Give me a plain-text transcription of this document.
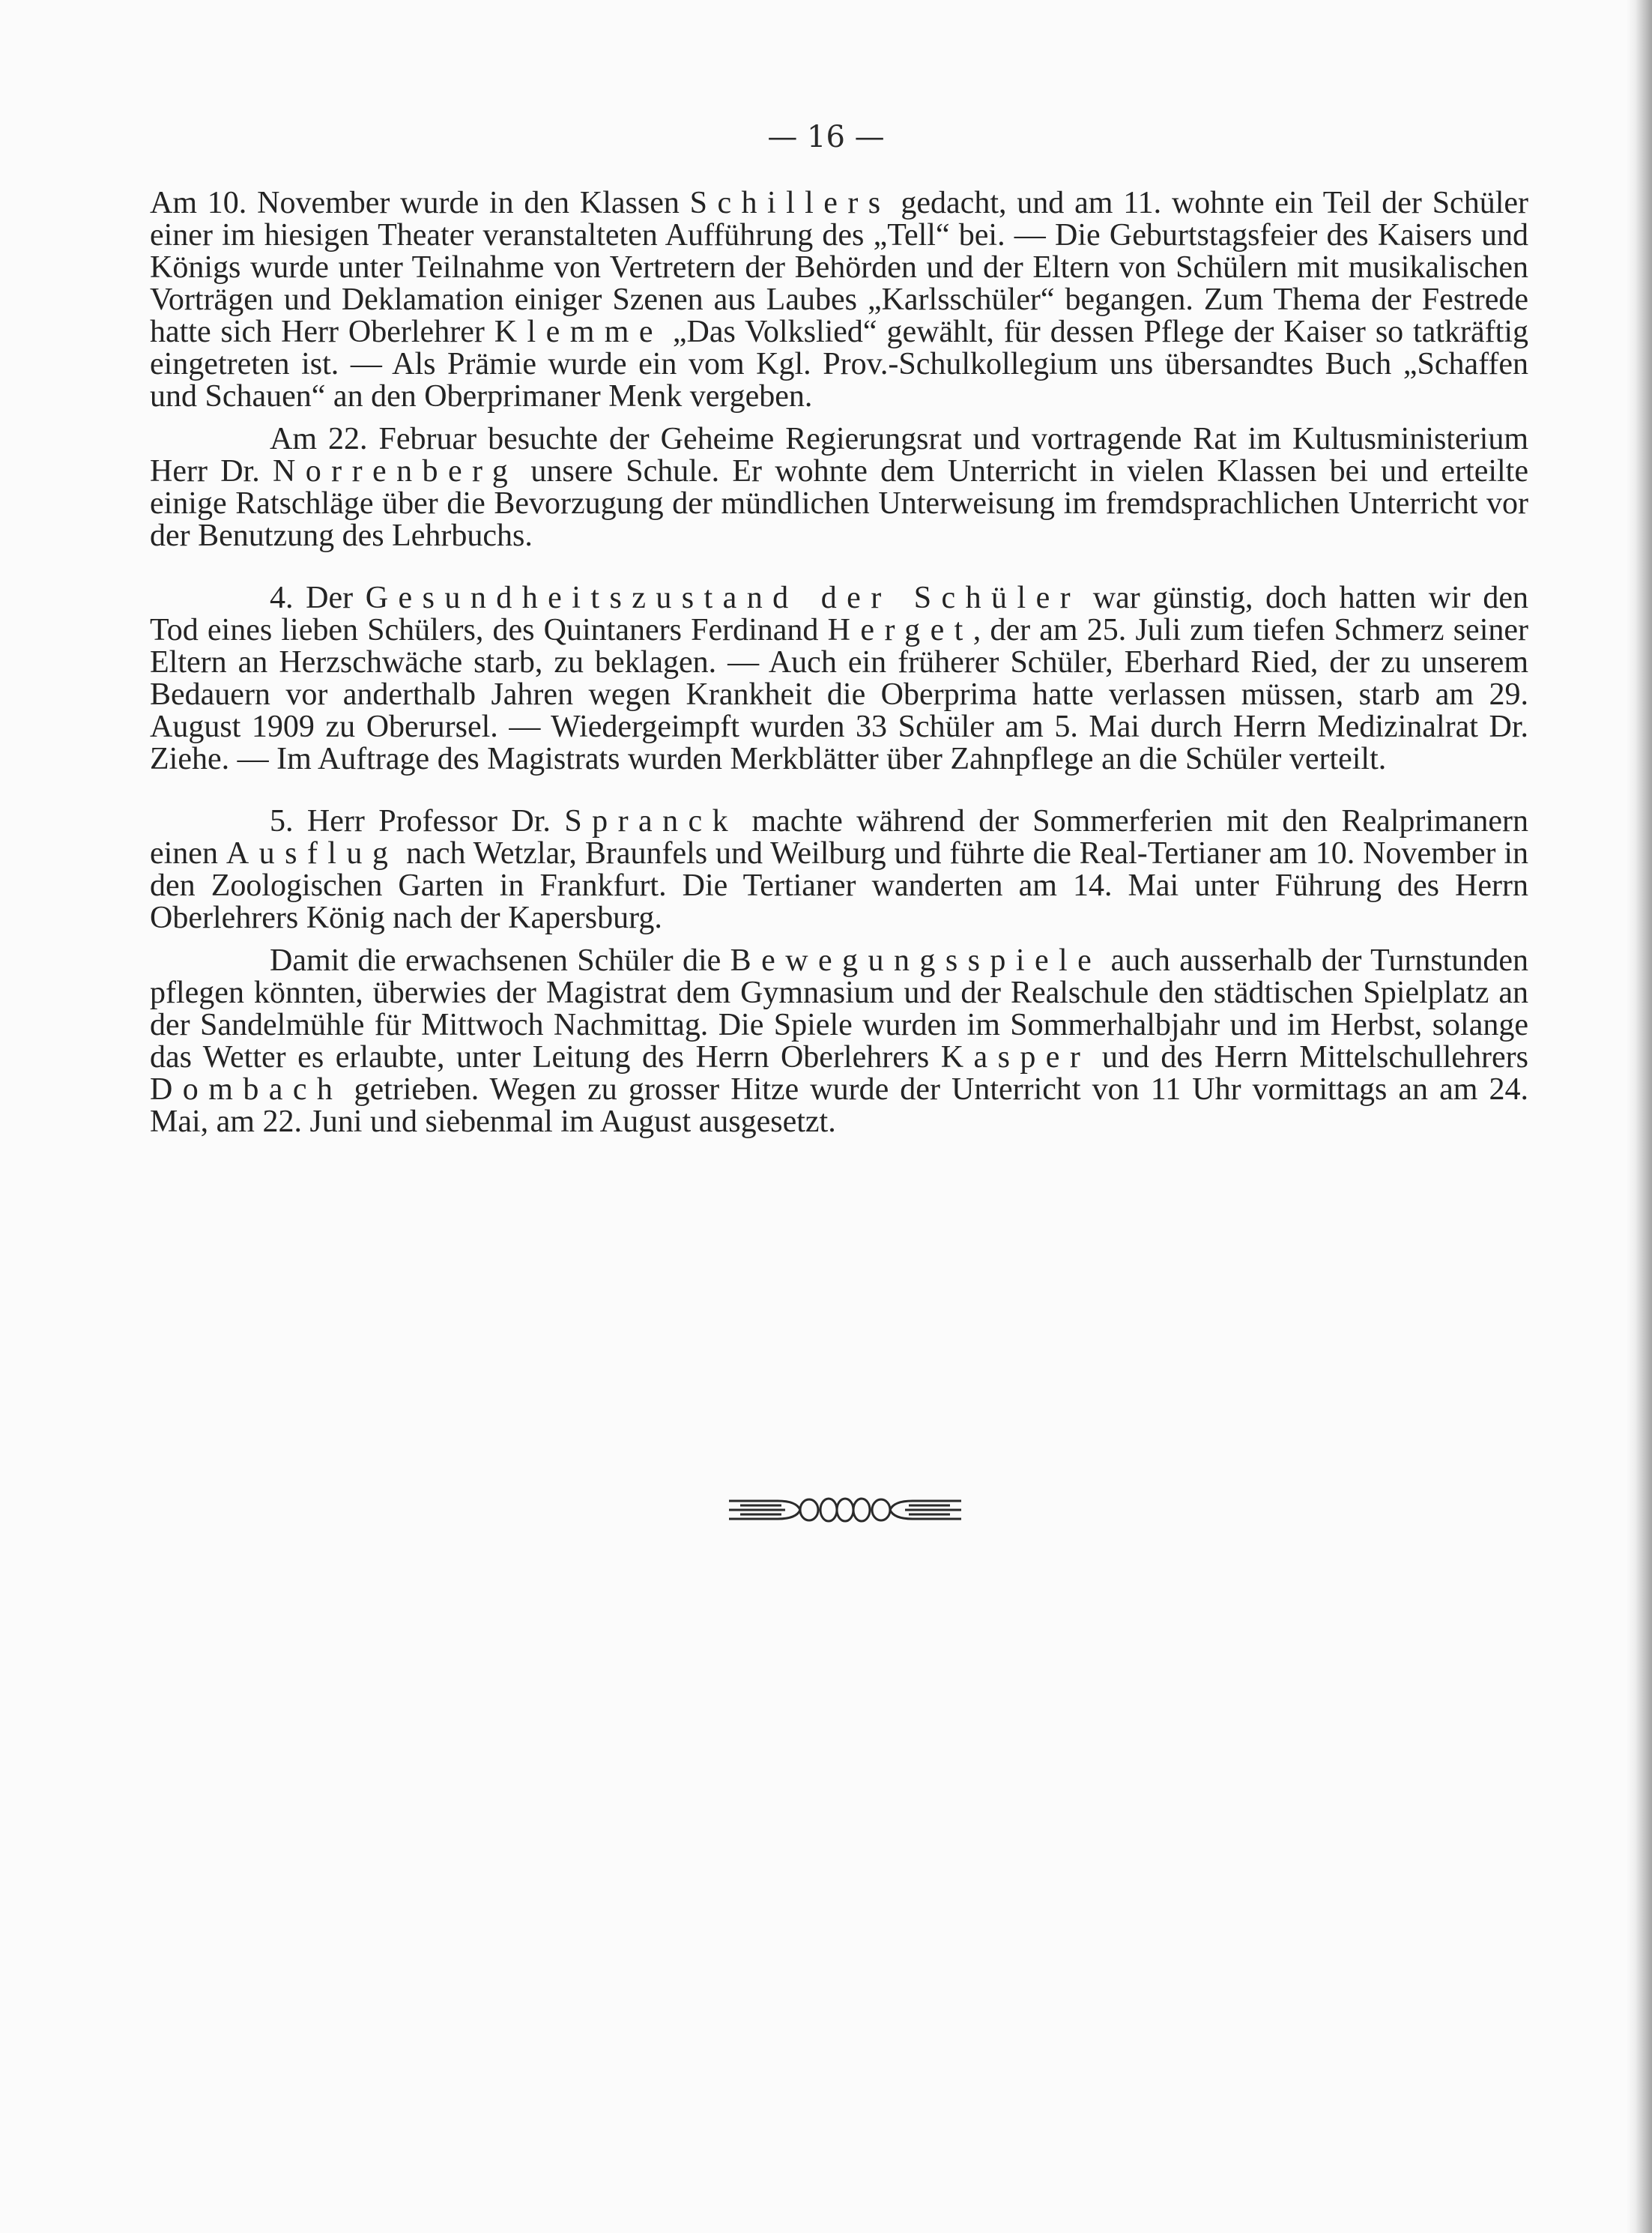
— 16 —

Am 10. November wurde in den Klassen Schillers gedacht, und am 11. wohnte ein Teil der Schüler einer im hiesigen Theater veranstalteten Aufführung des „Tell“ bei. — Die Geburtstagsfeier des Kaisers und Königs wurde unter Teilnahme von Vertretern der Behörden und der Eltern von Schülern mit musikalischen Vorträgen und Deklamation einiger Szenen aus Laubes „Karlsschüler“ begangen. Zum Thema der Festrede hatte sich Herr Oberlehrer Klemme „Das Volkslied“ gewählt, für dessen Pflege der Kaiser so tatkräftig eingetreten ist. — Als Prämie wurde ein vom Kgl. Prov.-Schulkollegium uns übersandtes Buch „Schaffen und Schauen“ an den Oberprimaner Menk vergeben.

Am 22. Februar besuchte der Geheime Regierungsrat und vortragende Rat im Kultusministerium Herr Dr. Norrenberg unsere Schule. Er wohnte dem Unterricht in vielen Klassen bei und erteilte einige Ratschläge über die Bevorzugung der mündlichen Unterweisung im fremdsprachlichen Unterricht vor der Benutzung des Lehrbuchs.

4. Der Gesundheitszustand der Schüler war günstig, doch hatten wir den Tod eines lieben Schülers, des Quintaners Ferdinand Herget, der am 25. Juli zum tiefen Schmerz seiner Eltern an Herzschwäche starb, zu beklagen. — Auch ein früherer Schüler, Eberhard Ried, der zu unserem Bedauern vor anderthalb Jahren wegen Krankheit die Oberprima hatte verlassen müssen, starb am 29. August 1909 zu Oberursel. — Wiedergeimpft wurden 33 Schüler am 5. Mai durch Herrn Medizinalrat Dr. Ziehe. — Im Auftrage des Magistrats wurden Merkblätter über Zahnpflege an die Schüler verteilt.

5. Herr Professor Dr. Spranck machte während der Sommerferien mit den Realprimanern einen Ausflug nach Wetzlar, Braunfels und Weilburg und führte die Real-Tertianer am 10. November in den Zoologischen Garten in Frankfurt. Die Tertianer wanderten am 14. Mai unter Führung des Herrn Oberlehrers König nach der Kapersburg.

Damit die erwachsenen Schüler die Bewegungsspiele auch ausserhalb der Turnstunden pflegen könnten, überwies der Magistrat dem Gymnasium und der Realschule den städtischen Spielplatz an der Sandelmühle für Mittwoch Nachmittag. Die Spiele wurden im Sommerhalbjahr und im Herbst, solange das Wetter es erlaubte, unter Leitung des Herrn Oberlehrers Kasper und des Herrn Mittelschullehrers Dombach getrieben. Wegen zu grosser Hitze wurde der Unterricht von 11 Uhr vormittags an am 24. Mai, am 22. Juni und siebenmal im August ausgesetzt.
